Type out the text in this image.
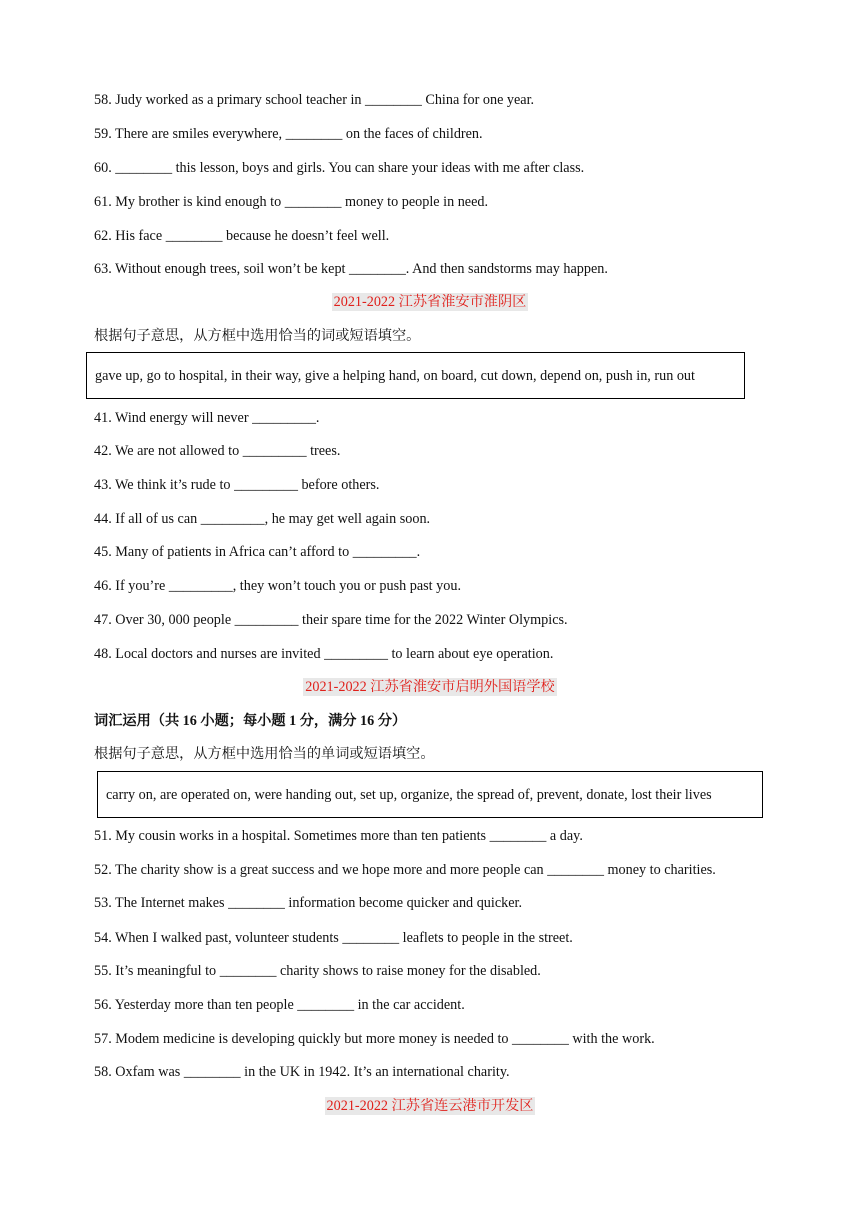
58. Judy worked as a primary school teacher in ________ China for one year.
59. There are smiles everywhere, ________ on the faces of children.
60. ________ this lesson, boys and girls. You can share your ideas with me after class.
61. My brother is kind enough to ________ money to people in need.
62. His face ________ because he doesn’t feel well.
63. Without enough trees, soil won’t be kept ________. And then sandstorms may happen.
2021-2022 江苏省淮安市淮阴区
根据句子意思，从方框中选用恰当的词或短语填空。
gave up, go to hospital, in their way, give a helping hand, on board, cut down, depend on, push in, run out
41. Wind energy will never _________.
42. We are not allowed to _________ trees.
43. We think it’s rude to _________ before others.
44. If all of us can _________, he may get well again soon.
45. Many of patients in Africa can’t afford to _________.
46. If you’re _________, they won’t touch you or push past you.
47. Over 30, 000 people _________ their spare time for the 2022 Winter Olympics.
48. Local doctors and nurses are invited _________ to learn about eye operation.
2021-2022 江苏省淮安市启明外国语学校
词汇运用（共 16 小题；每小题 1 分，满分 16 分）
根据句子意思，从方框中选用恰当的单词或短语填空。
carry on, are operated on, were handing out, set up, organize, the spread of, prevent, donate, lost their lives
51. My cousin works in a hospital. Sometimes more than ten patients ________ a day.
52. The charity show is a great success and we hope more and more people can ________ money to charities.
53. The Internet makes ________ information become quicker and quicker.
54. When I walked past, volunteer students ________ leaflets to people in the street.
55. It’s meaningful to ________ charity shows to raise money for the disabled.
56. Yesterday more than ten people ________ in the car accident.
57. Modem medicine is developing quickly but more money is needed to ________ with the work.
58. Oxfam was ________ in the UK in 1942. It’s an international charity.
2021-2022 江苏省连云港市开发区
